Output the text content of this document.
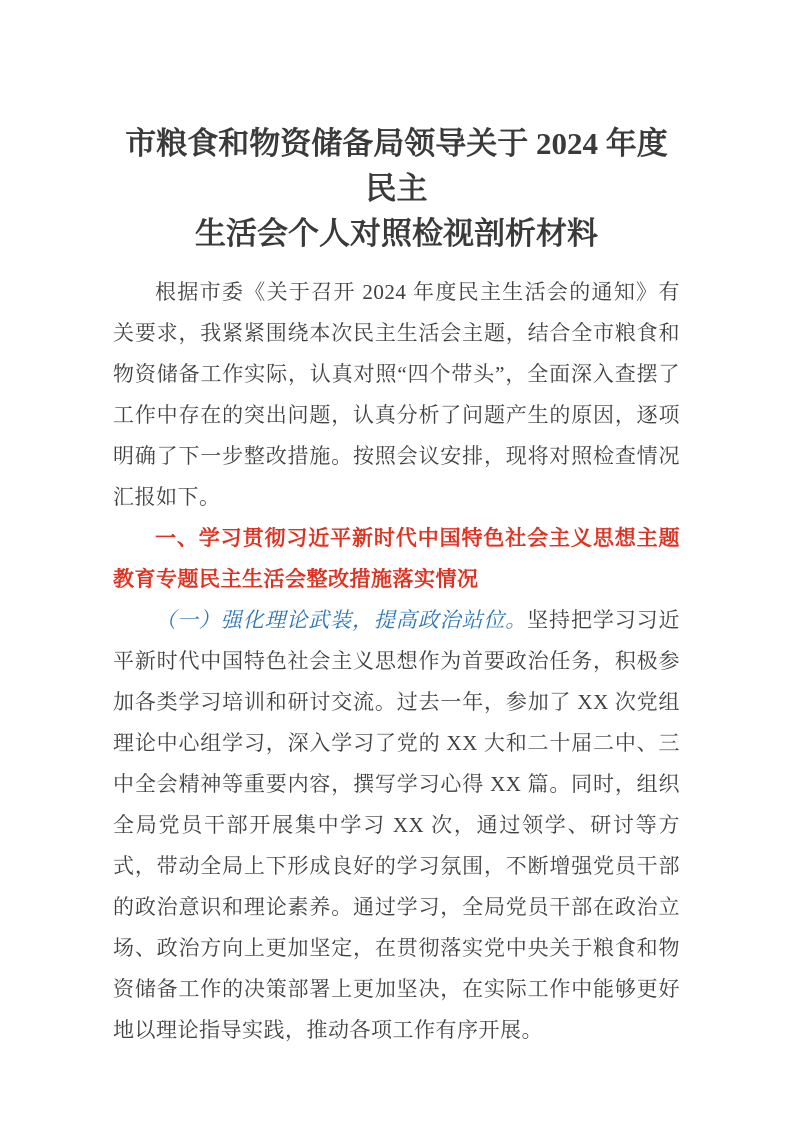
市粮食和物资储备局领导关于 2024 年度民主
生活会个人对照检视剖析材料

根据市委《关于召开 2024 年度民主生活会的通知》有关要求，我紧紧围绕本次民主生活会主题，结合全市粮食和物资储备工作实际，认真对照“四个带头”，全面深入查摆了工作中存在的突出问题，认真分析了问题产生的原因，逐项明确了下一步整改措施。按照会议安排，现将对照检查情况汇报如下。

一、学习贯彻习近平新时代中国特色社会主义思想主题教育专题民主生活会整改措施落实情况

（一）强化理论武装，提高政治站位。坚持把学习习近平新时代中国特色社会主义思想作为首要政治任务，积极参加各类学习培训和研讨交流。过去一年，参加了 XX 次党组理论中心组学习，深入学习了党的 XX 大和二十届二中、三中全会精神等重要内容，撰写学习心得 XX 篇。同时，组织全局党员干部开展集中学习 XX 次，通过领学、研讨等方式，带动全局上下形成良好的学习氛围，不断增强党员干部的政治意识和理论素养。通过学习，全局党员干部在政治立场、政治方向上更加坚定，在贯彻落实党中央关于粮食和物资储备工作的决策部署上更加坚决，在实际工作中能够更好地以理论指导实践，推动各项工作有序开展。
